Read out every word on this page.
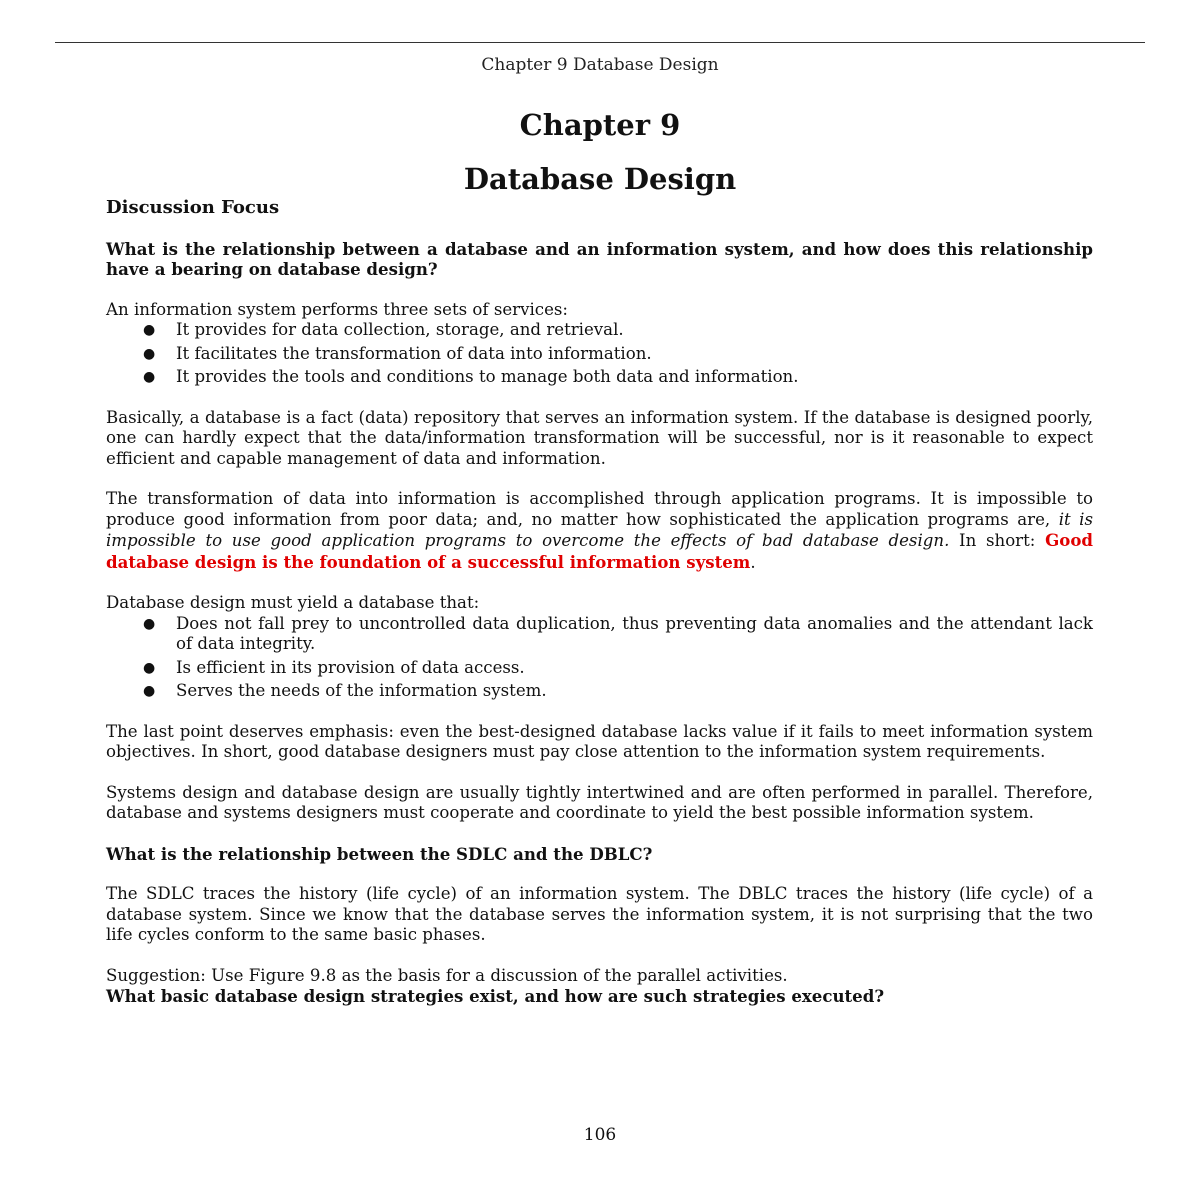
Chapter 9 Database Design
Chapter 9
Database Design
Discussion Focus

What is the relationship between a database and an information system, and how does this relationship have a bearing on database design?

An information system performs three sets of services:

● It provides for data collection, storage, and retrieval.
● It facilitates the transformation of data into information.
● It provides the tools and conditions to manage both data and information.

Basically, a database is a fact (data) repository that serves an information system. If the database is designed poorly, one can hardly expect that the data/information transformation will be successful, nor is it reasonable to expect efficient and capable management of data and information.

The transformation of data into information is accomplished through application programs. It is impossible to produce good information from poor data; and, no matter how sophisticated the application programs are, it is impossible to use good application programs to overcome the effects of bad database design. In short: Good database design is the foundation of a successful information system.

Database design must yield a database that:

● Does not fall prey to uncontrolled data duplication, thus preventing data anomalies and the attendant lack of data integrity.
● Is efficient in its provision of data access.
● Serves the needs of the information system.

The last point deserves emphasis: even the best-designed database lacks value if it fails to meet information system objectives. In short, good database designers must pay close attention to the information system requirements.

Systems design and database design are usually tightly intertwined and are often performed in parallel. Therefore, database and systems designers must cooperate and coordinate to yield the best possible information system.

What is the relationship between the SDLC and the DBLC?

The SDLC traces the history (life cycle) of an information system. The DBLC traces the history (life cycle) of a database system. Since we know that the database serves the information system, it is not surprising that the two life cycles conform to the same basic phases.

Suggestion: Use Figure 9.8 as the basis for a discussion of the parallel activities.

What basic database design strategies exist, and how are such strategies executed?

106
